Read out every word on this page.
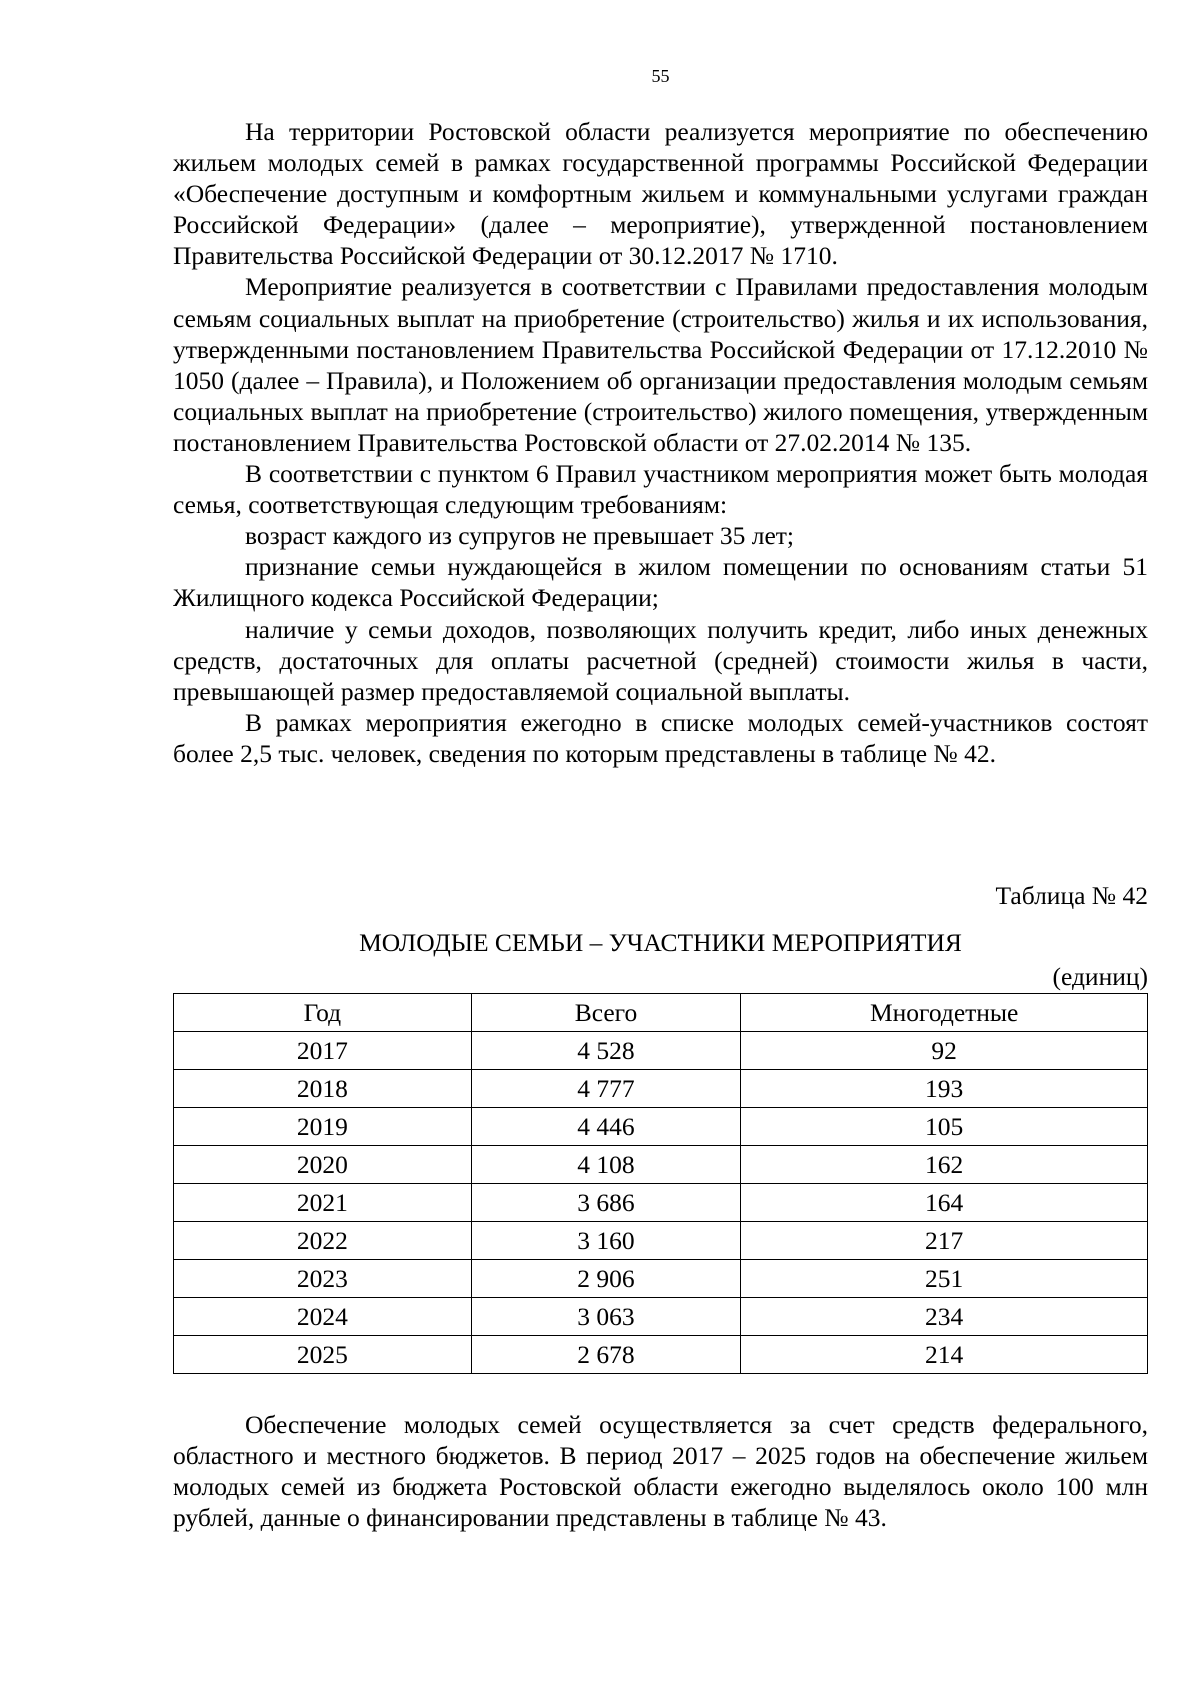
55

На территории Ростовской области реализуется мероприятие по обеспечению жильем молодых семей в рамках государственной программы Российской Федерации «Обеспечение доступным и комфортным жильем и коммунальными услугами граждан Российской Федерации» (далее – мероприятие), утвержденной постановлением Правительства Российской Федерации от 30.12.2017 № 1710.

Мероприятие реализуется в соответствии с Правилами предоставления молодым семьям социальных выплат на приобретение (строительство) жилья и их использования, утвержденными постановлением Правительства Российской Федерации от 17.12.2010 № 1050 (далее – Правила), и Положением об организации предоставления молодым семьям социальных выплат на приобретение (строительство) жилого помещения, утвержденным постановлением Правительства Ростовской области от 27.02.2014 № 135.

В соответствии с пунктом 6 Правил участником мероприятия может быть молодая семья, соответствующая следующим требованиям:

возраст каждого из супругов не превышает 35 лет;

признание семьи нуждающейся в жилом помещении по основаниям статьи 51 Жилищного кодекса Российской Федерации;

наличие у семьи доходов, позволяющих получить кредит, либо иных денежных средств, достаточных для оплаты расчетной (средней) стоимости жилья в части, превышающей размер предоставляемой социальной выплаты.

В рамках мероприятия ежегодно в списке молодых семей-участников состоят более 2,5 тыс. человек, сведения по которым представлены в таблице № 42.

Таблица № 42
МОЛОДЫЕ СЕМЬИ – УЧАСТНИКИ МЕРОПРИЯТИЯ
(единиц)
Год	Всего	Многодетные
2017	4 528	92
2018	4 777	193
2019	4 446	105
2020	4 108	162
2021	3 686	164
2022	3 160	217
2023	2 906	251
2024	3 063	234
2025	2 678	214

Обеспечение молодых семей осуществляется за счет средств федерального, областного и местного бюджетов. В период 2017 – 2025 годов на обеспечение жильем молодых семей из бюджета Ростовской области ежегодно выделялось около 100 млн рублей, данные о финансировании представлены в таблице № 43.
